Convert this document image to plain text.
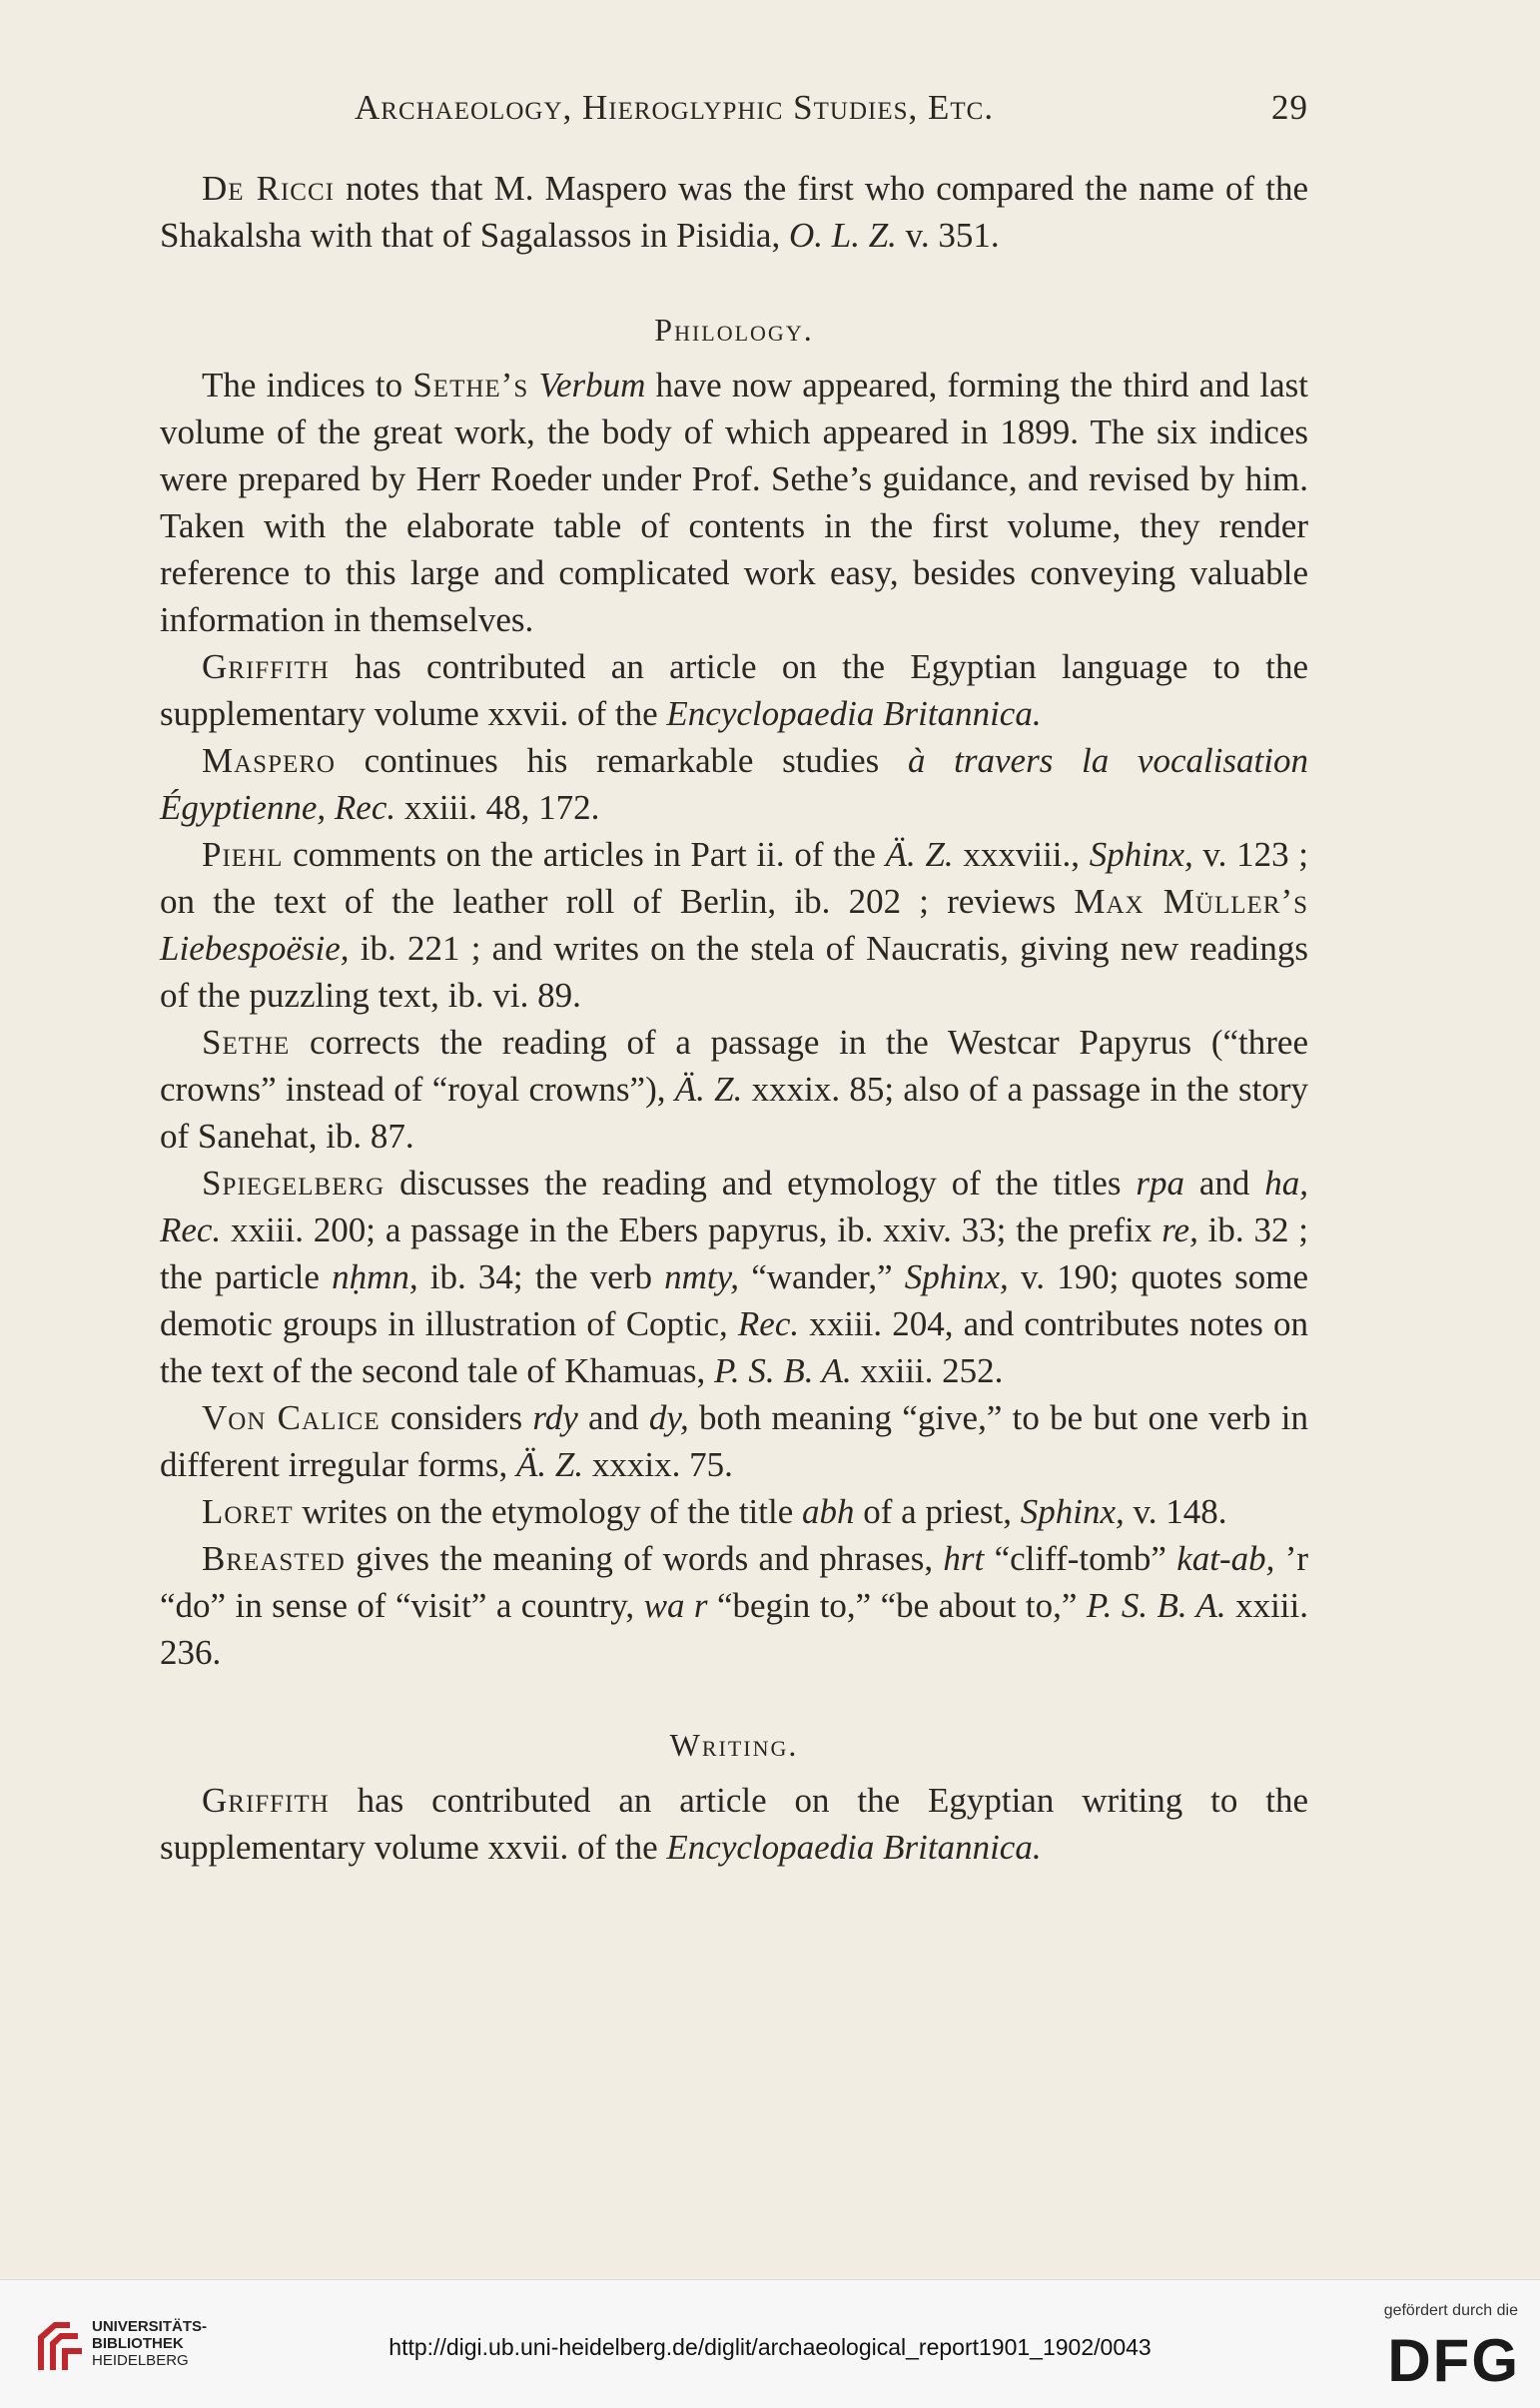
Archaeology, Hieroglyphic Studies, Etc.	29

De Ricci notes that M. Maspero was the first who compared the name of the Shakalsha with that of Sagalassos in Pisidia, O. L. Z. v. 351.

Philology.

The indices to Sethe’s Verbum have now appeared, forming the third and last volume of the great work, the body of which appeared in 1899. The six indices were prepared by Herr Roeder under Prof. Sethe’s guidance, and revised by him. Taken with the elaborate table of contents in the first volume, they render reference to this large and complicated work easy, besides conveying valuable information in themselves.

Griffith has contributed an article on the Egyptian language to the supplementary volume xxvii. of the Encyclopaedia Britannica.

Maspero continues his remarkable studies à travers la vocalisation Égyptienne, Rec. xxiii. 48, 172.

Piehl comments on the articles in Part ii. of the Ä. Z. xxxviii., Sphinx, v. 123 ; on the text of the leather roll of Berlin, ib. 202 ; reviews Max Müller’s Liebespoësie, ib. 221 ; and writes on the stela of Naucratis, giving new readings of the puzzling text, ib. vi. 89.

Sethe corrects the reading of a passage in the Westcar Papyrus (“three crowns” instead of “royal crowns”), Ä. Z. xxxix. 85; also of a passage in the story of Sanehat, ib. 87.

Spiegelberg discusses the reading and etymology of the titles rpa and ha, Rec. xxiii. 200; a passage in the Ebers papyrus, ib. xxiv. 33; the prefix re, ib. 32 ; the particle nḥmn, ib. 34; the verb nmty, “wander,” Sphinx, v. 190; quotes some demotic groups in illustration of Coptic, Rec. xxiii. 204, and contributes notes on the text of the second tale of Khamuas, P. S. B. A. xxiii. 252.

Von Calice considers rdy and dy, both meaning “give,” to be but one verb in different irregular forms, Ä. Z. xxxix. 75.

Loret writes on the etymology of the title abh of a priest, Sphinx, v. 148.

Breasted gives the meaning of words and phrases, hrt “cliff-tomb” kat-ab, ’r “do” in sense of “visit” a country, wa r “begin to,” “be about to,” P. S. B. A. xxiii. 236.

Writing.

Griffith has contributed an article on the Egyptian writing to the supplementary volume xxvii. of the Encyclopaedia Britannica.

UNIVERSITÄTS-
BIBLIOTHEK
HEIDELBERG
http://digi.ub.uni-heidelberg.de/diglit/archaeological_report1901_1902/0043
gefördert durch die
DFG
